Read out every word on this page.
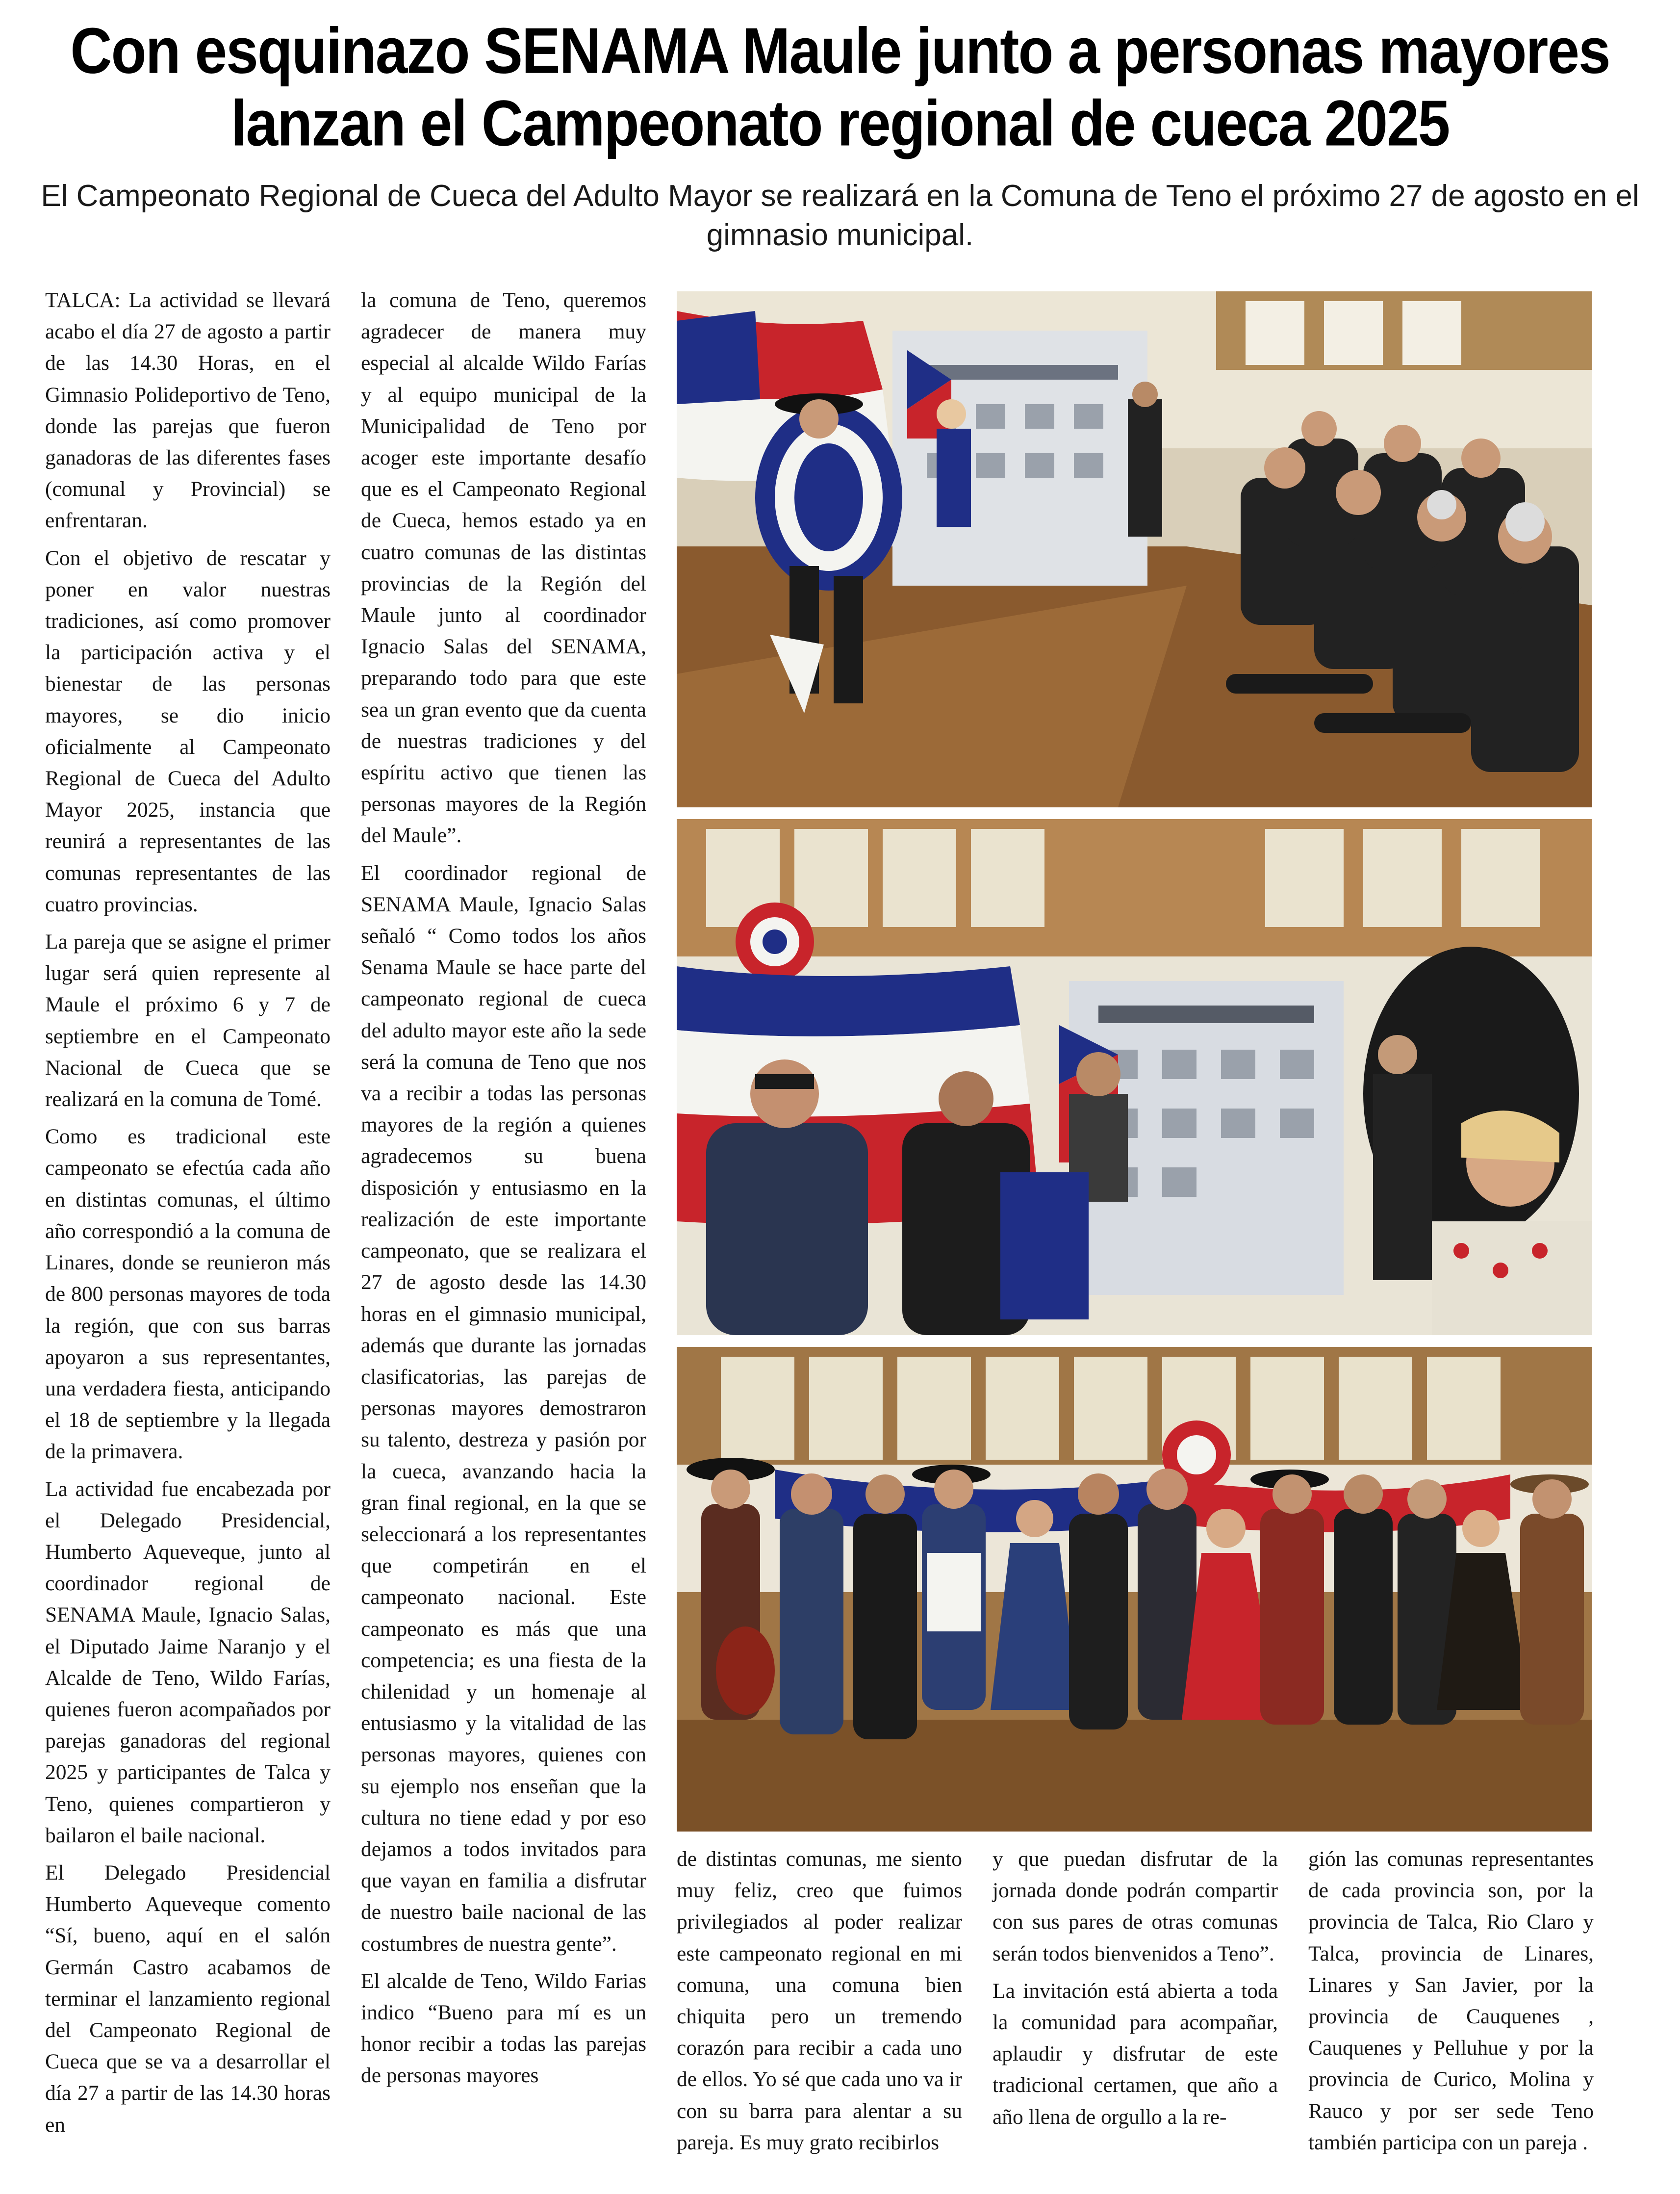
Con esquinazo SENAMA Maule junto a personas mayores
lanzan el Campeonato regional de cueca 2025
El Campeonato Regional de Cueca del Adulto Mayor se realizará en la Comuna de Teno el próximo 27 de agosto en el gimnasio municipal.

TALCA: La actividad se llevará acabo el día 27 de agosto a partir de las 14.30 Horas, en el Gimnasio Polideportivo de Teno, donde las parejas que fueron ganadoras de las diferentes fases (comunal y Provincial) se enfrentaran.

Con el objetivo de rescatar y poner en valor nuestras tradiciones, así como promover la participación activa y el bienestar de las personas mayores, se dio inicio oficialmente al Campeonato Regional de Cueca del Adulto Mayor 2025, instancia que reunirá a representantes de las comunas representantes de las cuatro provincias.

La pareja que se asigne el primer lugar será quien represente al Maule el próximo 6 y 7 de septiembre en el Campeonato Nacional de Cueca que se realizará en la comuna de Tomé.

Como es tradicional este campeonato se efectúa cada año en distintas comunas, el último año correspondió a la comuna de Linares, donde se reunieron más de 800 personas mayores de toda la región, que con sus barras apoyaron a sus representantes, una verdadera fiesta, anticipando el 18 de septiembre y la llegada de la primavera.

La actividad fue encabezada por el Delegado Presidencial, Humberto Aqueveque, junto al coordinador regional de SENAMA Maule, Ignacio Salas, el Diputado Jaime Naranjo y el Alcalde de Teno, Wildo Farías, quienes fueron acompañados por parejas ganadoras del regional 2025 y participantes de Talca y Teno, quienes compartieron y bailaron el baile nacional.

El Delegado Presidencial Humberto Aqueveque comento “Sí, bueno, aquí en el salón Germán Castro acabamos de terminar el lanzamiento regional del Campeonato Regional de Cueca que se va a desarrollar el día 27 a partir de las 14.30 horas en

la comuna de Teno, queremos agradecer de manera muy especial al alcalde Wildo Farías y al equipo municipal de la Municipalidad de Teno por acoger este importante desafío que es el Campeonato Regional de Cueca, hemos estado ya en cuatro comunas de las distintas provincias de la Región del Maule junto al coordinador Ignacio Salas del SENAMA, preparando todo para que este sea un gran evento que da cuenta de nuestras tradiciones y del espíritu activo que tienen las personas mayores de la Región del Maule”.

El coordinador regional de SENAMA Maule, Ignacio Salas señaló “ Como todos los años Senama Maule se hace parte del campeonato regional de cueca del adulto mayor este año la sede será la comuna de Teno que nos va a recibir a todas las personas mayores de la región a quienes agradecemos su buena disposición y entusiasmo en la realización de este importante campeonato, que se realizara el 27 de agosto desde las 14.30 horas en el gimnasio municipal, además que durante las jornadas clasificatorias, las parejas de personas mayores demostraron su talento, destreza y pasión por la cueca, avanzando hacia la gran final regional, en la que se seleccionará a los representantes que competirán en el campeonato nacional. Este campeonato es más que una competencia; es una fiesta de la chilenidad y un homenaje al entusiasmo y la vitalidad de las personas mayores, quienes con su ejemplo nos enseñan que la cultura no tiene edad y por eso dejamos a todos invitados para que vayan en familia a disfrutar de nuestro baile nacional de las costumbres de nuestra gente”.

El alcalde de Teno, Wildo Farias indico “Bueno para mí es un honor recibir a todas las parejas de personas mayores

de distintas comunas, me siento muy feliz, creo que fuimos privilegiados al poder realizar este campeonato regional en mi comuna, una comuna bien chiquita pero un tremendo corazón para recibir a cada uno de ellos. Yo sé que cada uno va ir con su barra para alentar a su pareja. Es muy grato recibirlos

y que puedan disfrutar de la jornada donde podrán compartir con sus pares de otras comunas serán todos bienvenidos a Teno”.

La invitación está abierta a toda la comunidad para acompañar, aplaudir y disfrutar de este tradicional certamen, que año a año llena de orgullo a la re-

gión las comunas representantes de cada provincia son, por la provincia de Talca, Rio Claro y Talca, provincia de Linares, Linares y San Javier, por la provincia de Cauquenes , Cauquenes y Pelluhue y por la provincia de Curico, Molina y Rauco y por ser sede Teno también participa con un pareja .
